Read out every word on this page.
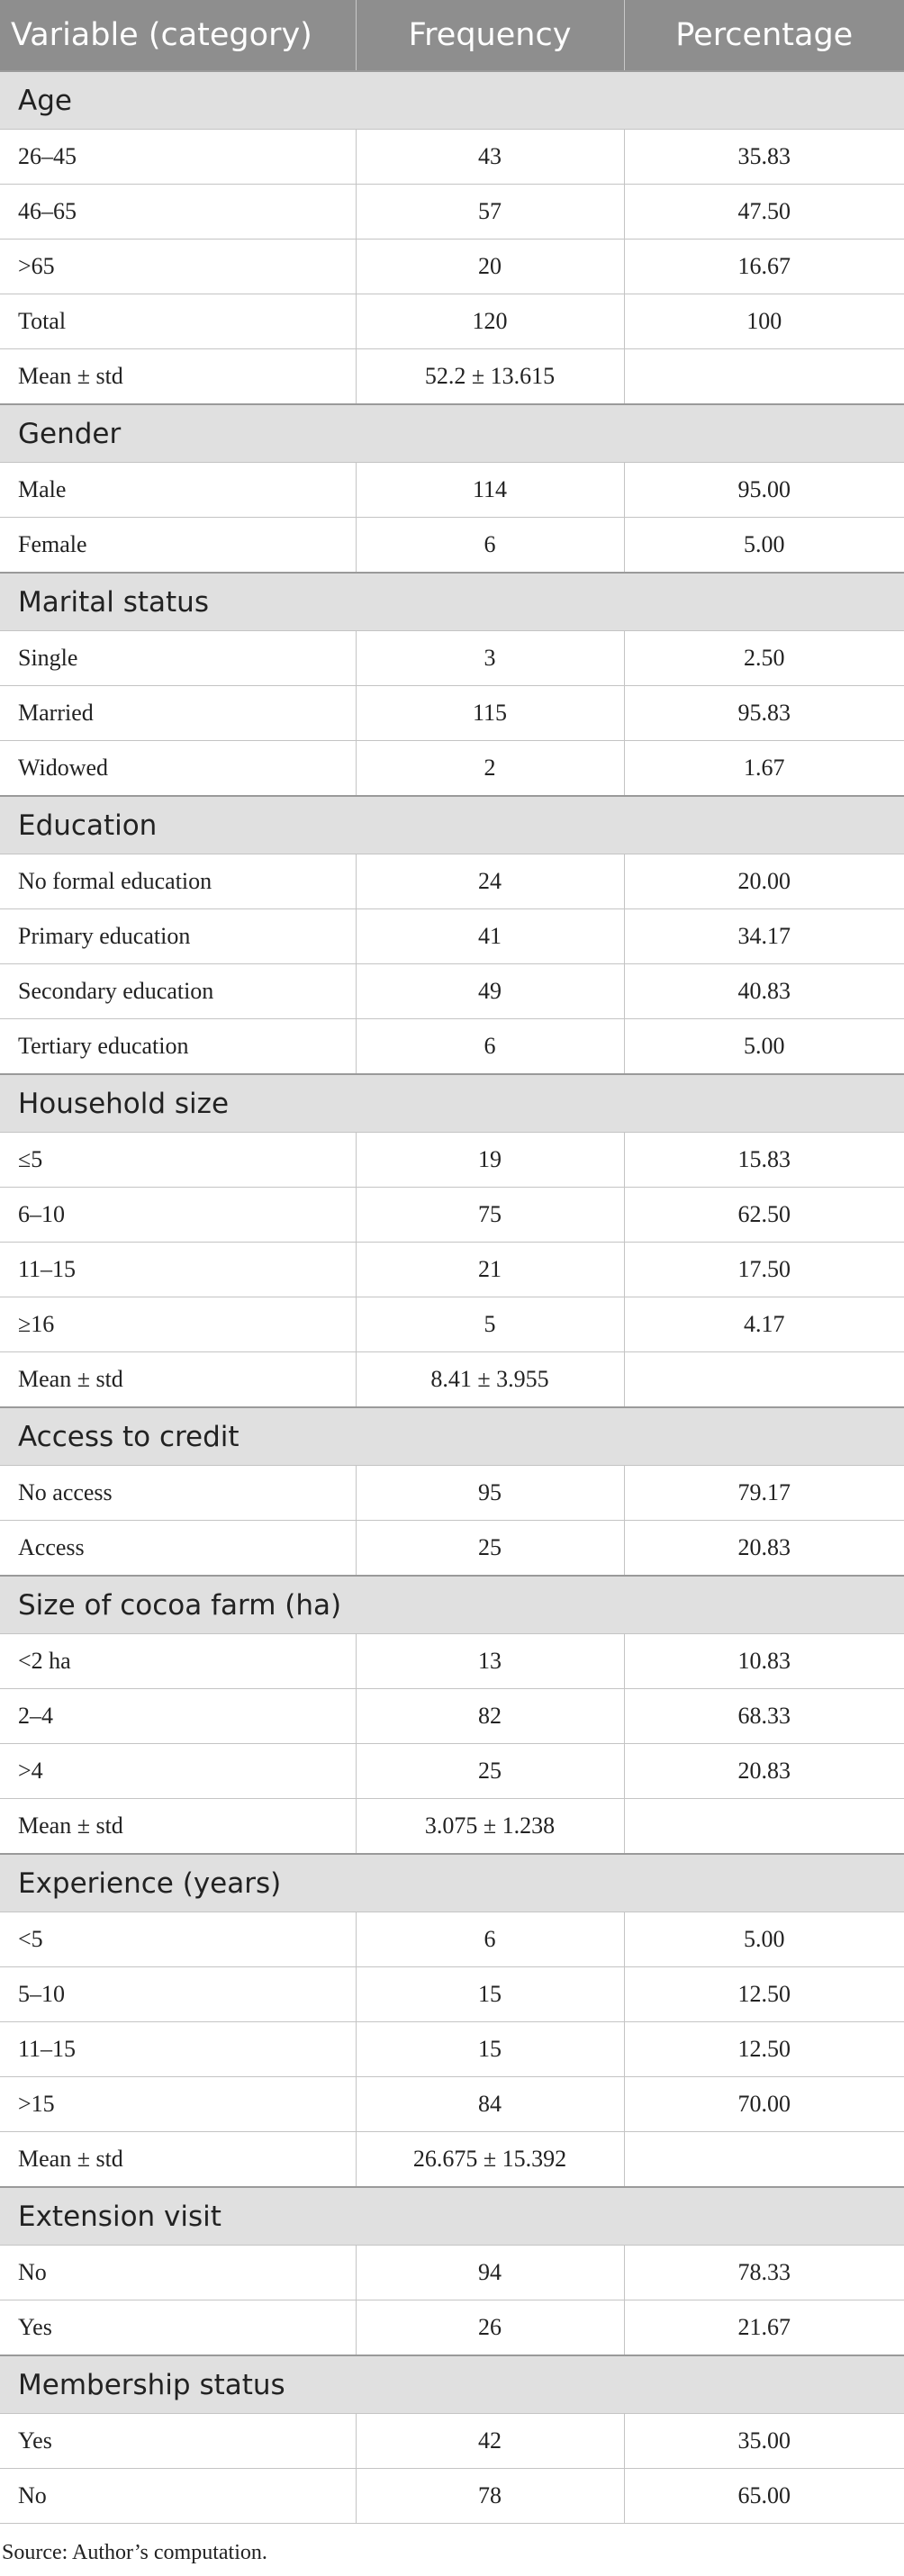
Variable (category)	Frequency	Percentage
Age		
26–45	43	35.83
46–65	57	47.50
>65	20	16.67
Total	120	100
Mean ± std	52.2 ± 13.615	
Gender		
Male	114	95.00
Female	6	5.00
Marital status		
Single	3	2.50
Married	115	95.83
Widowed	2	1.67
Education		
No formal education	24	20.00
Primary education	41	34.17
Secondary education	49	40.83
Tertiary education	6	5.00
Household size		
≤5	19	15.83
6–10	75	62.50
11–15	21	17.50
≥16	5	4.17
Mean ± std	8.41 ± 3.955	
Access to credit		
No access	95	79.17
Access	25	20.83
Size of cocoa farm (ha)		
<2 ha	13	10.83
2–4	82	68.33
>4	25	20.83
Mean ± std	3.075 ± 1.238	
Experience (years)		
<5	6	5.00
5–10	15	12.50
11–15	15	12.50
>15	84	70.00
Mean ± std	26.675 ± 15.392	
Extension visit		
No	94	78.33
Yes	26	21.67
Membership status		
Yes	42	35.00
No	78	65.00
Source: Author’s computation.
